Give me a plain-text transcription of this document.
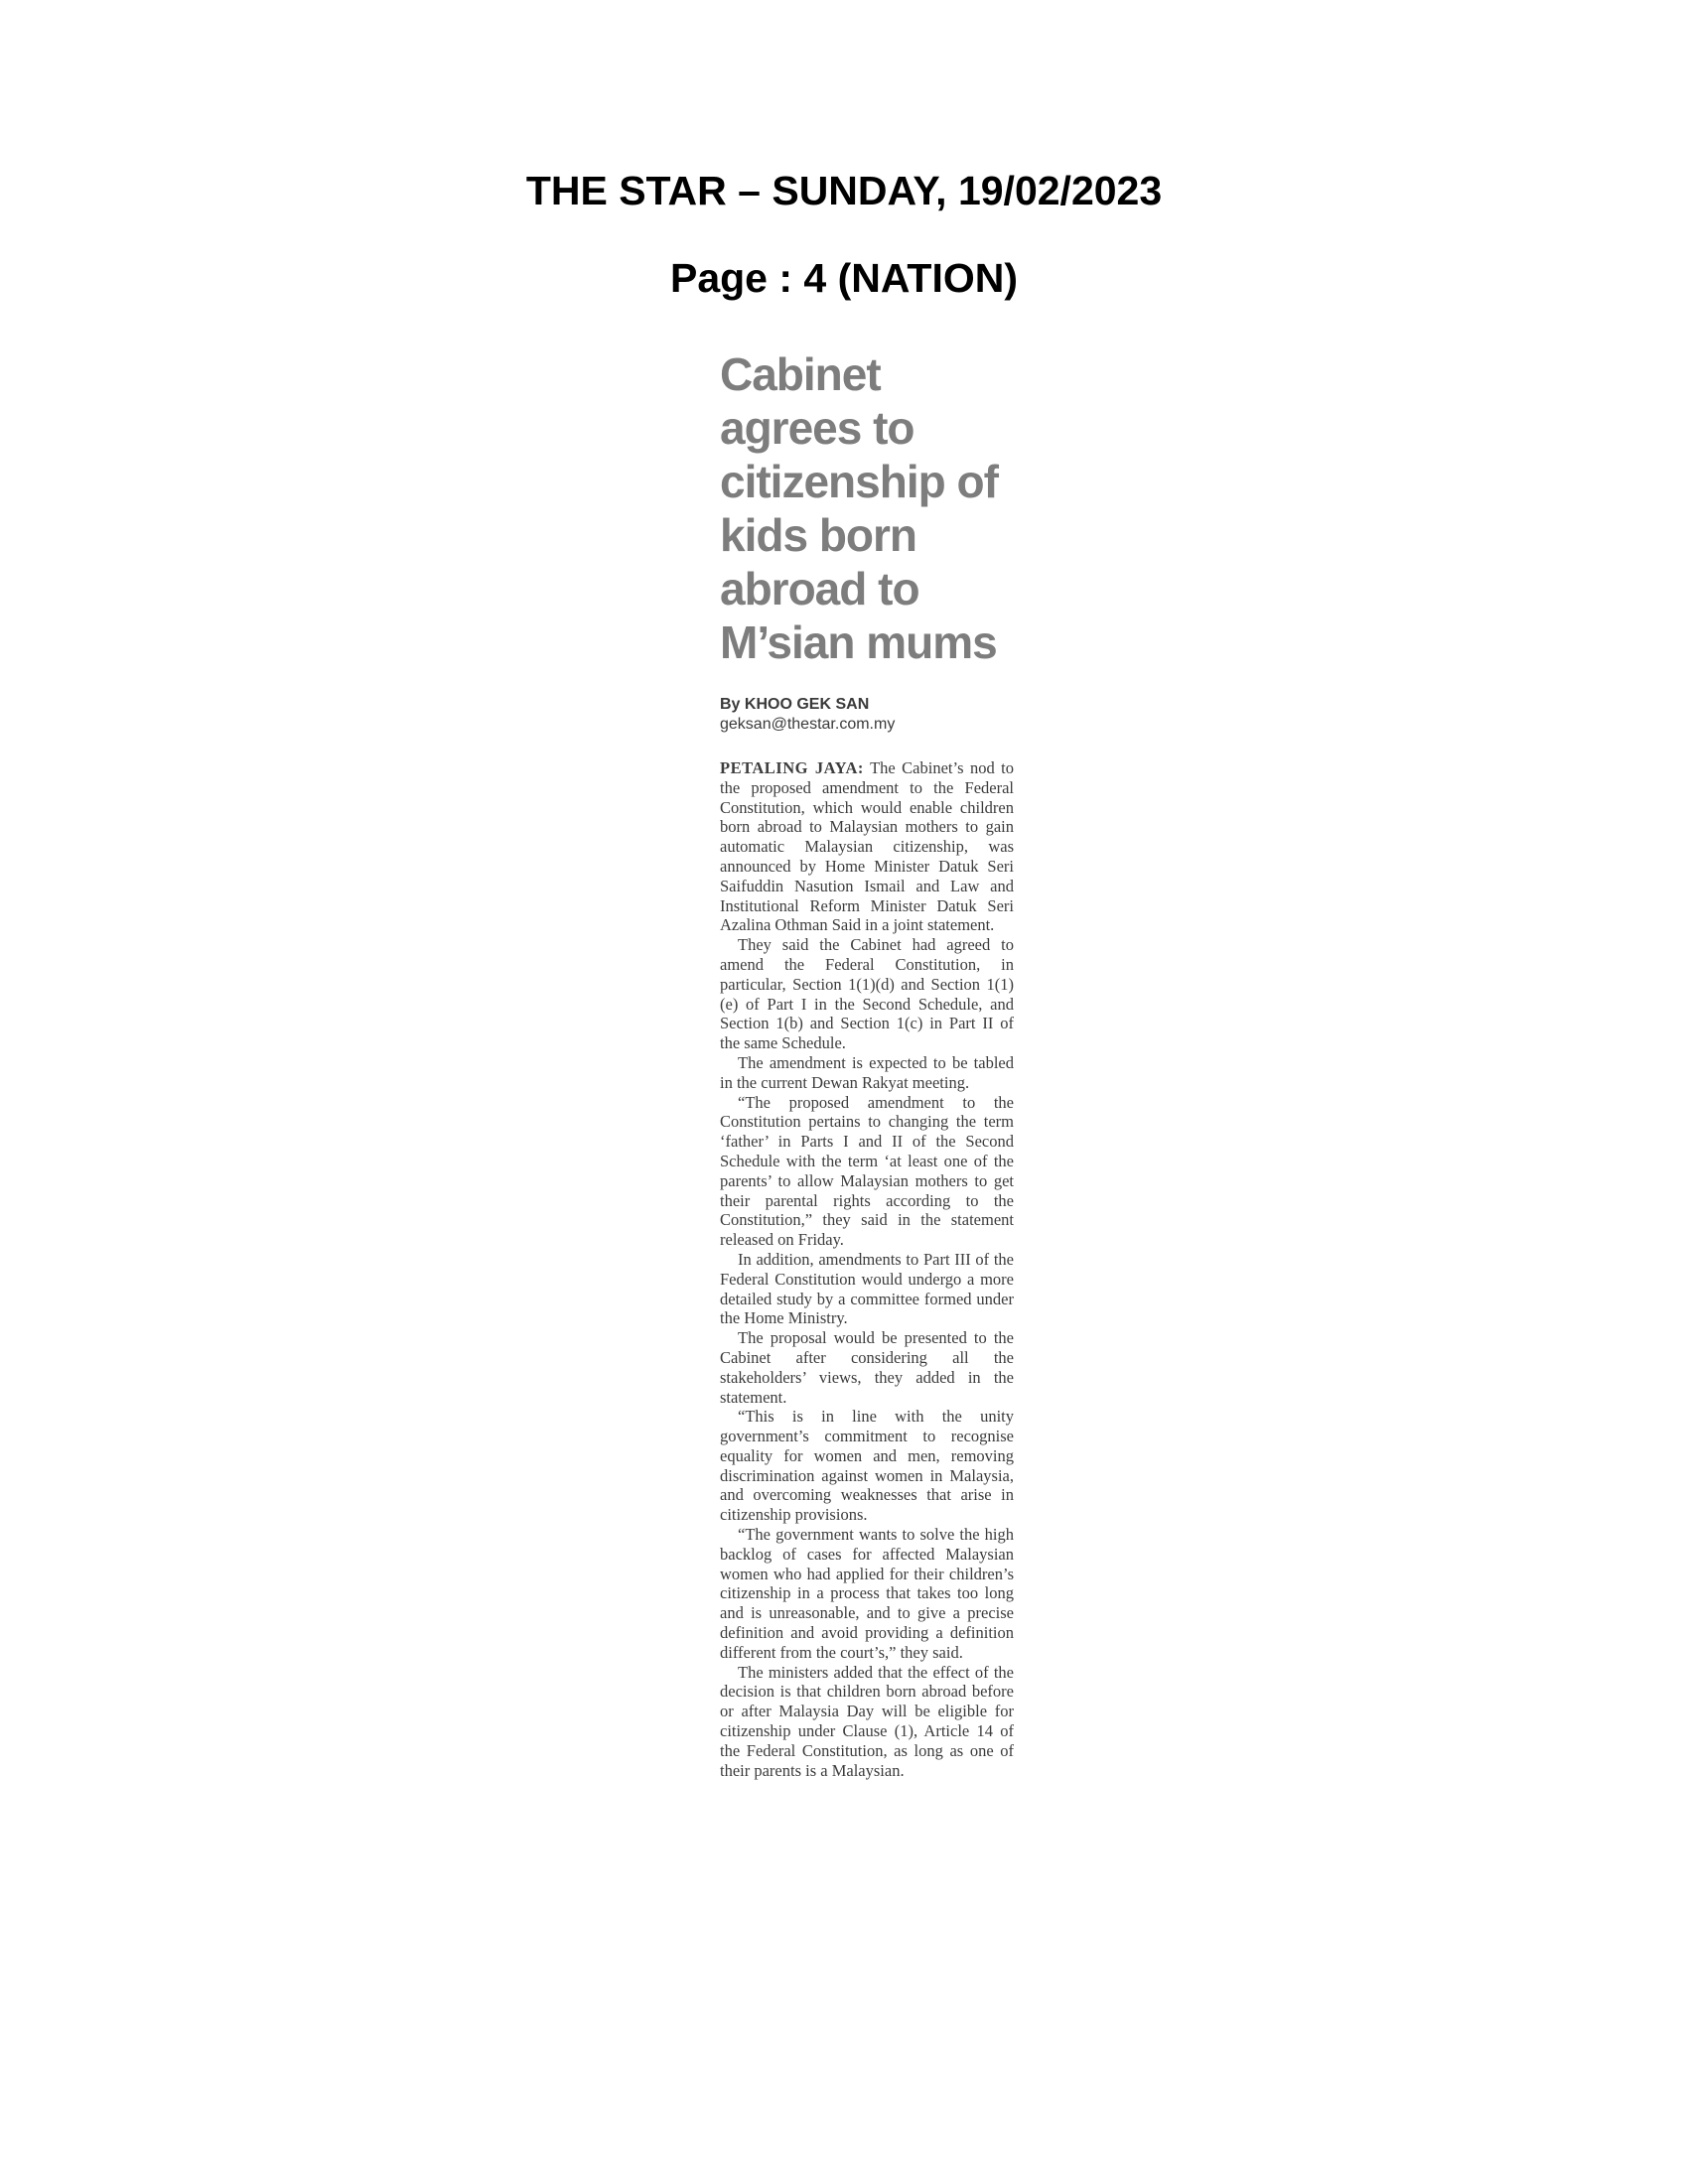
THE STAR – SUNDAY, 19/02/2023
Page : 4 (NATION)
Cabinet agrees to citizenship of kids born abroad to M’sian mums

By KHOO GEK SAN

geksan@thestar.com.my

PETALING JAYA: The Cabinet’s nod to the proposed amendment to the Federal Constitution, which would enable children born abroad to Malaysian mothers to gain automatic Malaysian citizenship, was announced by Home Minister Datuk Seri Saifuddin Nasution Ismail and Law and Institutional Reform Minister Datuk Seri Azalina Othman Said in a joint statement.

They said the Cabinet had agreed to amend the Federal Constitution, in particular, Section 1(1)(d) and Section 1(1)(e) of Part I in the Second Schedule, and Section 1(b) and Section 1(c) in Part II of the same Schedule.

The amendment is expected to be tabled in the current Dewan Rakyat meeting.

“The proposed amendment to the Constitution pertains to changing the term ‘father’ in Parts I and II of the Second Schedule with the term ‘at least one of the parents’ to allow Malaysian mothers to get their parental rights according to the Constitution,” they said in the statement released on Friday.

In addition, amendments to Part III of the Federal Constitution would undergo a more detailed study by a committee formed under the Home Ministry.

The proposal would be presented to the Cabinet after considering all the stakeholders’ views, they added in the statement.

“This is in line with the unity government’s commitment to recognise equality for women and men, removing discrimination against women in Malaysia, and overcoming weaknesses that arise in citizenship provisions.

“The government wants to solve the high backlog of cases for affected Malaysian women who had applied for their children’s citizenship in a process that takes too long and is unreasonable, and to give a precise definition and avoid providing a definition different from the court’s,” they said.

The ministers added that the effect of the decision is that children born abroad before or after Malaysia Day will be eligible for citizenship under Clause (1), Article 14 of the Federal Constitution, as long as one of their parents is a Malaysian.
